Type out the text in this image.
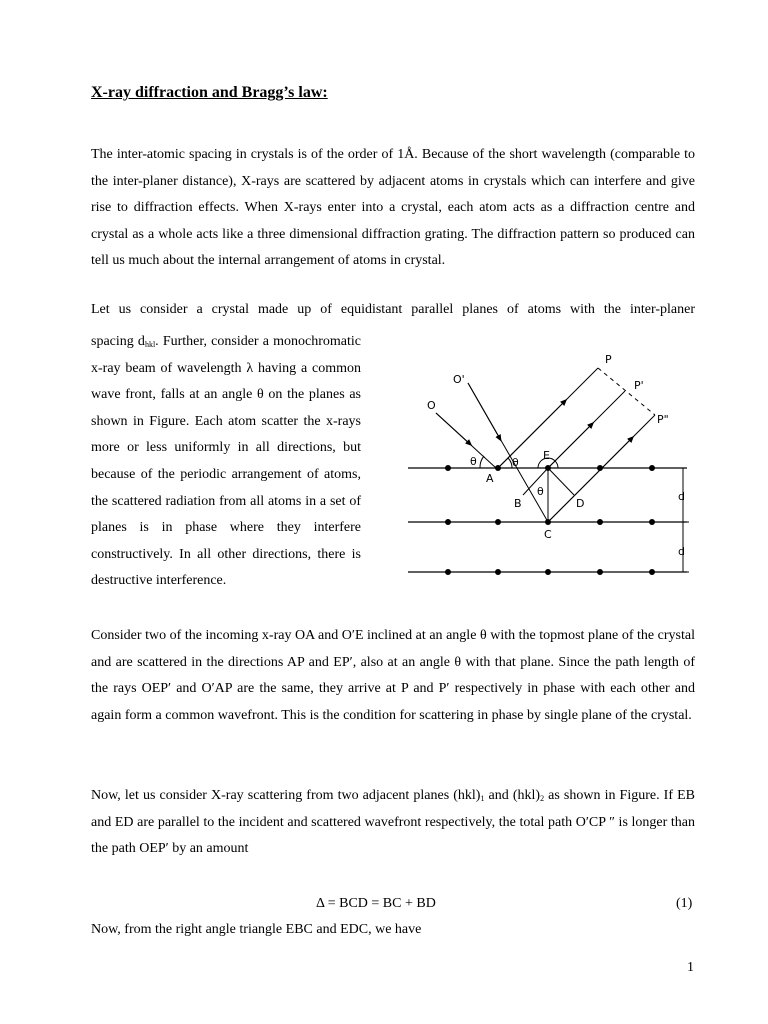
X-ray diffraction and Bragg’s law:

The inter-atomic spacing in crystals is of the order of 1Å. Because of the short wavelength (comparable to the inter-planer distance), X-rays are scattered by adjacent atoms in crystals which can interfere and give rise to diffraction effects. When X-rays enter into a crystal, each atom acts as a diffraction centre and crystal as a whole acts like a three dimensional diffraction grating. The diffraction pattern so produced can tell us much about the internal arrangement of atoms in crystal.

Let us consider a crystal made up of equidistant parallel planes of atoms with the inter-planer

spacing $d_{hkl}$. Further, consider a monochromatic x-ray beam of wavelength λ having a common wave front, falls at an angle θ on the planes as shown in Figure. Each atom scatter the x-rays more or less uniformly in all directions, but because of the periodic arrangement of atoms, the scattered radiation from all atoms in a set of planes is in phase where they interfere constructively. In all other directions, there is destructive interference.

O
O'
P
P'
P"
θ	θ
θ
A
E
B
C
D
d
d

Consider two of the incoming x-ray OA and O′E inclined at an angle θ with the topmost plane of the crystal and are scattered in the directions AP and EP′, also at an angle θ with that plane. Since the path length of the rays OEP′ and O′AP are the same, they arrive at P and P′ respectively in phase with each other and again form a common wavefront. This is the condition for scattering in phase by single plane of the crystal.

Now, let us consider X-ray scattering from two adjacent planes $(hkl)_1$ and $(hkl)_2$ as shown in Figure. If EB and ED are parallel to the incident and scattered wavefront respectively, the total path O′CP ″ is longer than the path OEP′ by an amount

Δ = BCD = BC + BD	(1)
Now, from the right angle triangle EBC and EDC, we have
1
